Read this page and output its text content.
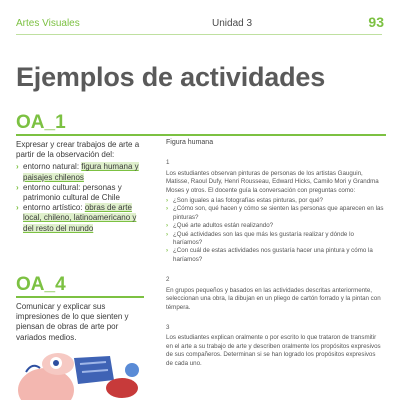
Artes Visuales	Unidad 3	93
Ejemplos de actividades
OA_1

Expresar y crear trabajos de arte a partir de la observación del:

› entorno natural: figura humana y paisajes chilenos
› entorno cultural: personas y patrimonio cultural de Chile
› entorno artístico: obras de arte local, chileno, latinoamericano y del resto del mundo
OA_4

Comunicar y explicar sus impresiones de lo que sienten y piensan de obras de arte por variados medios.

Figura humana

1

Los estudiantes observan pinturas de personas de los artistas Gauguin, Matisse, Raoul Dufy, Henri Rousseau, Edward Hicks, Camilo Mori y Grandma Moses y otros. El docente guía la conversación con preguntas como:

› ¿Son iguales a las fotografías estas pinturas, por qué?
› ¿Cómo son, qué hacen y cómo se sienten las personas que aparecen en las pinturas?
› ¿Qué arte adultos están realizando?
› ¿Qué actividades son las que más les gustaría realizar y dónde lo haríamos?
› ¿Con cuál de estas actividades nos gustaría hacer una pintura y cómo la haríamos?

2

En grupos pequeños y basados en las actividades descritas anteriormente, seleccionan una obra, la dibujan en un pliego de cartón forrado y la pintan con témpera.

3

Los estudiantes explican oralmente o por escrito lo que trataron de transmitir en el arte a su trabajo de arte y describen oralmente los propósitos expresivos de sus compañeros. Determinan si se han logrado los propósitos expresivos de cada uno.
